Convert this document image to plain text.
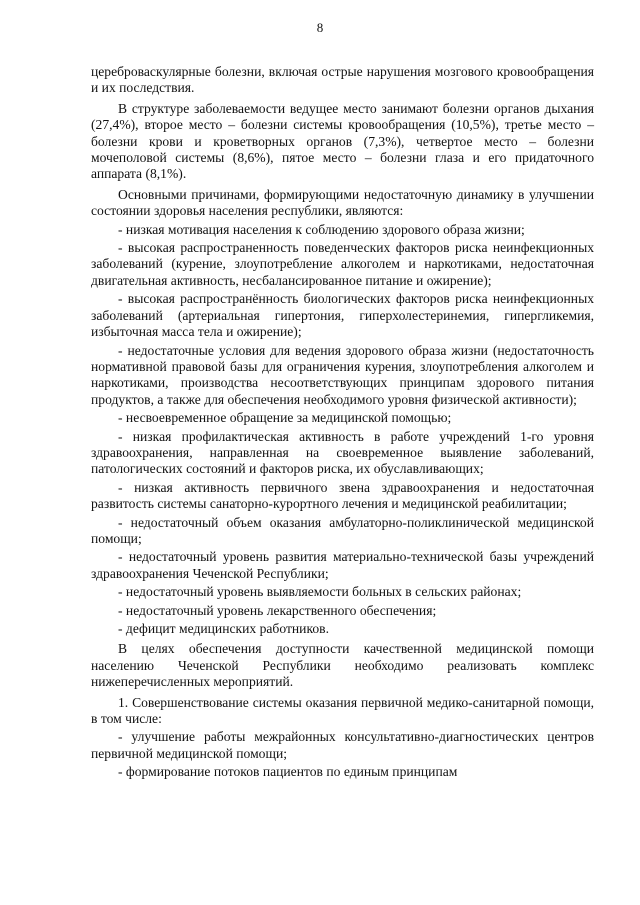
8

цереброваскулярные болезни, включая острые нарушения мозгового кровообращения и их последствия.

В структуре заболеваемости ведущее место занимают болезни органов дыхания (27,4%), второе место – болезни системы кровообращения (10,5%), третье место – болезни крови и кроветворных органов (7,3%), четвертое место – болезни мочеполовой системы (8,6%), пятое место – болезни глаза и его придаточного аппарата (8,1%).

Основными причинами, формирующими недостаточную динамику в улучшении состоянии здоровья населения республики, являются:

- низкая мотивация населения к соблюдению здорового образа жизни;

- высокая распространенность поведенческих факторов риска неинфекционных заболеваний (курение, злоупотребление алкоголем и наркотиками, недостаточная двигательная активность, несбалансированное питание и ожирение);

- высокая распространённость биологических факторов риска неинфекционных заболеваний (артериальная гипертония, гиперхолестеринемия, гипергликемия, избыточная масса тела и ожирение);

- недостаточные условия для ведения здорового образа жизни (недостаточность нормативной правовой базы для ограничения курения, злоупотребления алкоголем и наркотиками, производства несоответствующих принципам здорового питания продуктов, а также для обеспечения необходимого уровня физической активности);

- несвоевременное обращение за медицинской помощью;

- низкая профилактическая активность в работе учреждений 1-го уровня здравоохранения, направленная на своевременное выявление заболеваний, патологических состояний и факторов риска, их обуславливающих;

- низкая активность первичного звена здравоохранения и недостаточная развитость системы санаторно-курортного лечения и медицинской реабилитации;

- недостаточный объем оказания амбулаторно-поликлинической медицинской помощи;

- недостаточный уровень развития материально-технической базы учреждений здравоохранения Чеченской Республики;

- недостаточный уровень выявляемости больных в сельских районах;

- недостаточный уровень лекарственного обеспечения;

- дефицит медицинских работников.

В целях обеспечения доступности качественной медицинской помощи населению Чеченской Республики необходимо реализовать комплекс нижеперечисленных мероприятий.

1. Совершенствование системы оказания первичной медико-санитарной помощи, в том числе:

- улучшение работы межрайонных консультативно-диагностических центров первичной медицинской помощи;

- формирование потоков пациентов по единым принципам
